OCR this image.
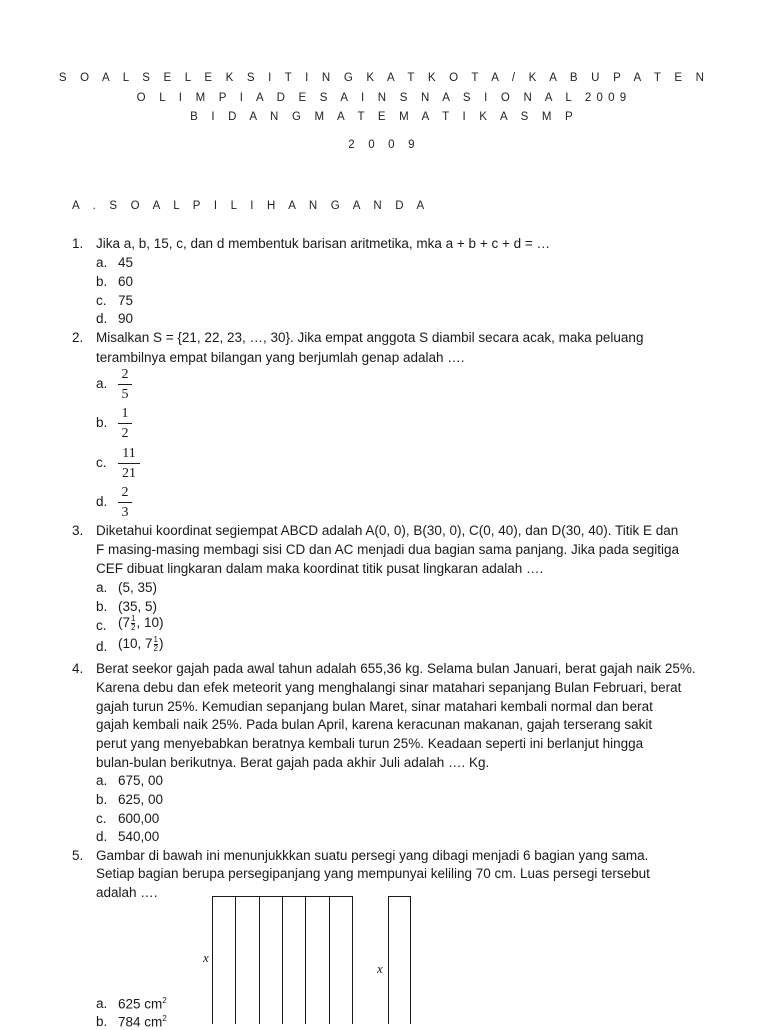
S O A L S E L E K S I T I N G K A T K O T A / K A B U P A T E N
O L I M P I A D E S A I N S N A S I O N A L 2009
B I D A N G M A T E M A T I K A S M P
2 0 0 9
A . S O A L P I L I H A N G A N D A
1. Jika a, b, 15, c, dan d membentuk barisan aritmetika, mka a + b + c + d = …
a. 45
b. 60
c. 75
d. 90
2. Misalkan S = {21, 22, 23, …, 30}. Jika empat anggota S diambil secara acak, maka peluang
terambilnya empat bilangan yang berjumlah genap adalah ….
a.
2
5
b.
1
2
c.
11
21
d.
2
3
3. Diketahui koordinat segiempat ABCD adalah A(0, 0), B(30, 0), C(0, 40), dan D(30, 40). Titik E dan
F masing-masing membagi sisi CD dan AC menjadi dua bagian sama panjang. Jika pada segitiga
CEF dibuat lingkaran dalam maka koordinat titik pusat lingkaran adalah ….
a. (5, 35)
b. (35, 5)
c. ($7\frac{1}{2}$, 10)
d. (10, $7\frac{1}{2}$)
4. Berat seekor gajah pada awal tahun adalah 655,36 kg. Selama bulan Januari, berat gajah naik 25%.
Karena debu dan efek meteorit yang menghalangi sinar matahari sepanjang Bulan Februari, berat
gajah turun 25%. Kemudian sepanjang bulan Maret, sinar matahari kembali normal dan berat
gajah kembali naik 25%. Pada bulan April, karena keracunan makanan, gajah terserang sakit
perut yang menyebabkan beratnya kembali turun 25%. Keadaan seperti ini berlanjut hingga
bulan-bulan berikutnya. Berat gajah pada akhir Juli adalah …. Kg.
a. 675, 00
b. 625, 00
c. 600,00
d. 540,00
5. Gambar di bawah ini menunjukkkan suatu persegi yang dibagi menjadi 6 bagian yang sama.
Setiap bagian berupa persegipanjang yang mempunyai keliling 70 cm. Luas persegi tersebut
adalah ….
a. 625 $cm^2$
b. 784 $cm^2$
x
x
